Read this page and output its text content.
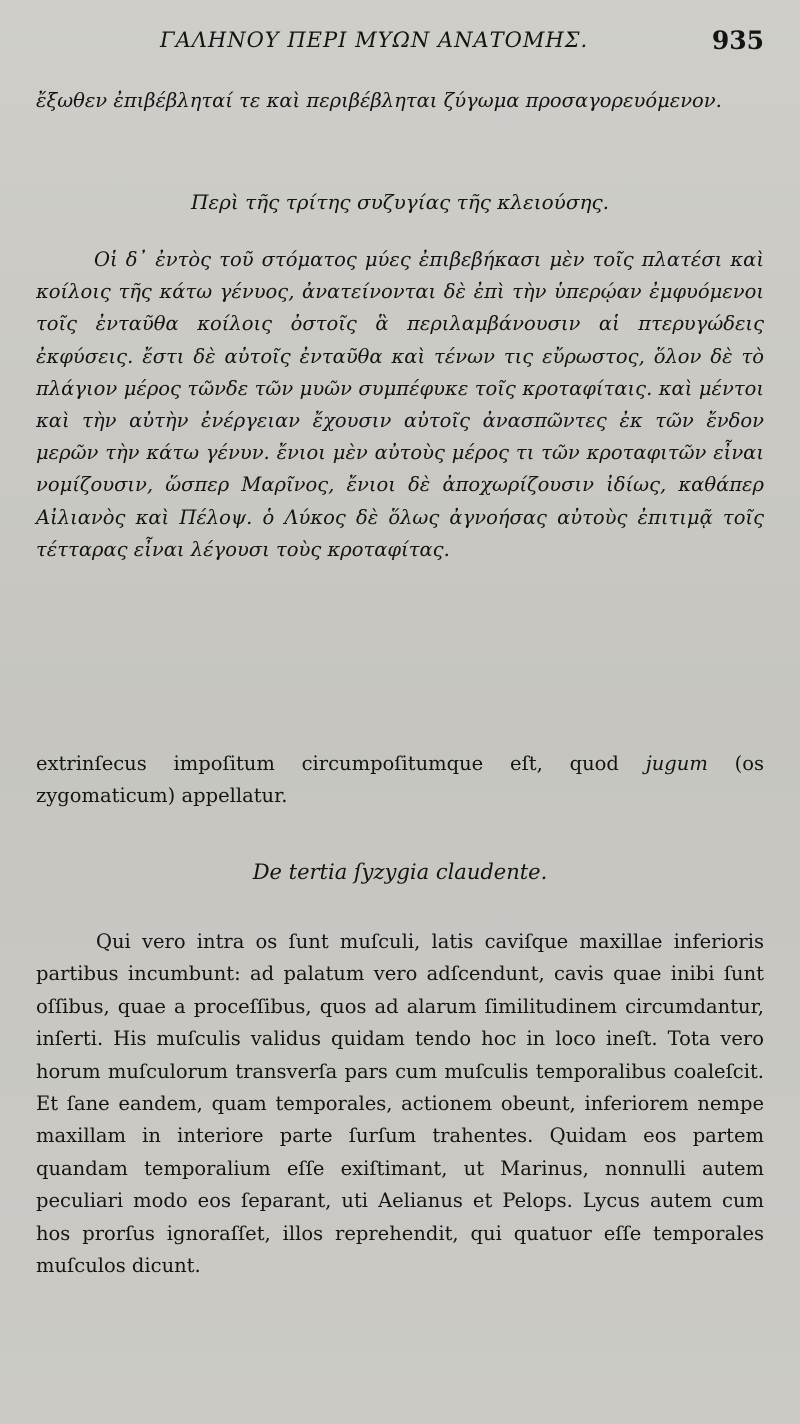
ΓΑΛΗΝΟΥ ΠΕΡΙ ΜΥΩΝ ΑΝΑΤΟΜΗΣ.	935

ἔξωθεν ἐπιβέβληταί τε καὶ περιβέβληται ζύγωμα προσαγορευόμενον.

Περὶ τῆς τρίτης συζυγίας τῆς κλειούσης.

Οἱ δ᾽ ἐντὸς τοῦ στόματος μύες ἐπιβεβήκασι μὲν τοῖς πλατέσι καὶ κοίλοις τῆς κάτω γένυος, ἀνατείνονται δὲ ἐπὶ τὴν ὑπερῴαν ἐμφυόμενοι τοῖς ἐνταῦθα κοίλοις ὀστοῖς ἃ περιλαμβάνουσιν αἱ πτερυγώδεις ἐκφύσεις. ἔστι δὲ αὐτοῖς ἐνταῦθα καὶ τένων τις εὔρωστος, ὅλον δὲ τὸ πλάγιον μέρος τῶνδε τῶν μυῶν συμπέφυκε τοῖς κροταφίταις. καὶ μέντοι καὶ τὴν αὐτὴν ἐνέργειαν ἔχουσιν αὐτοῖς ἀνασπῶντες ἐκ τῶν ἔνδον μερῶν τὴν κάτω γένυν. ἔνιοι μὲν αὐτοὺς μέρος τι τῶν κροταφιτῶν εἶναι νομίζουσιν, ὥσπερ Μαρῖνος, ἔνιοι δὲ ἀποχωρίζουσιν ἰδίως, καθάπερ Αἰλιανὸς καὶ Πέλοψ. ὁ Λύκος δὲ ὅλως ἀγνοήσας αὐτοὺς ἐπιτιμᾷ τοῖς τέτταρας εἶναι λέγουσι τοὺς κροταφίτας.

extrinſecus impoſitum circumpoſitumque eſt, quod jugum (os zygomaticum) appellatur.

De tertia ſyzygia claudente.

Qui vero intra os ſunt muſculi, latis caviſque maxillae inferioris partibus incumbunt: ad palatum vero adſcendunt, cavis quae inibi ſunt oſſibus, quae a proceſſibus, quos ad alarum ſimilitudinem circumdantur, inſerti. His muſculis validus quidam tendo hoc in loco ineſt. Tota vero horum muſculorum transverſa pars cum muſculis temporalibus coaleſcit. Et ſane eandem, quam temporales, actionem obeunt, inferiorem nempe maxillam in interiore parte ſurſum trahentes. Quidam eos partem quandam temporalium eſſe exiſtimant, ut Marinus, nonnulli autem peculiari modo eos ſeparant, uti Aelianus et Pelops. Lycus autem cum hos prorſus ignoraſſet, illos reprehendit, qui quatuor eſſe temporales muſculos dicunt.
